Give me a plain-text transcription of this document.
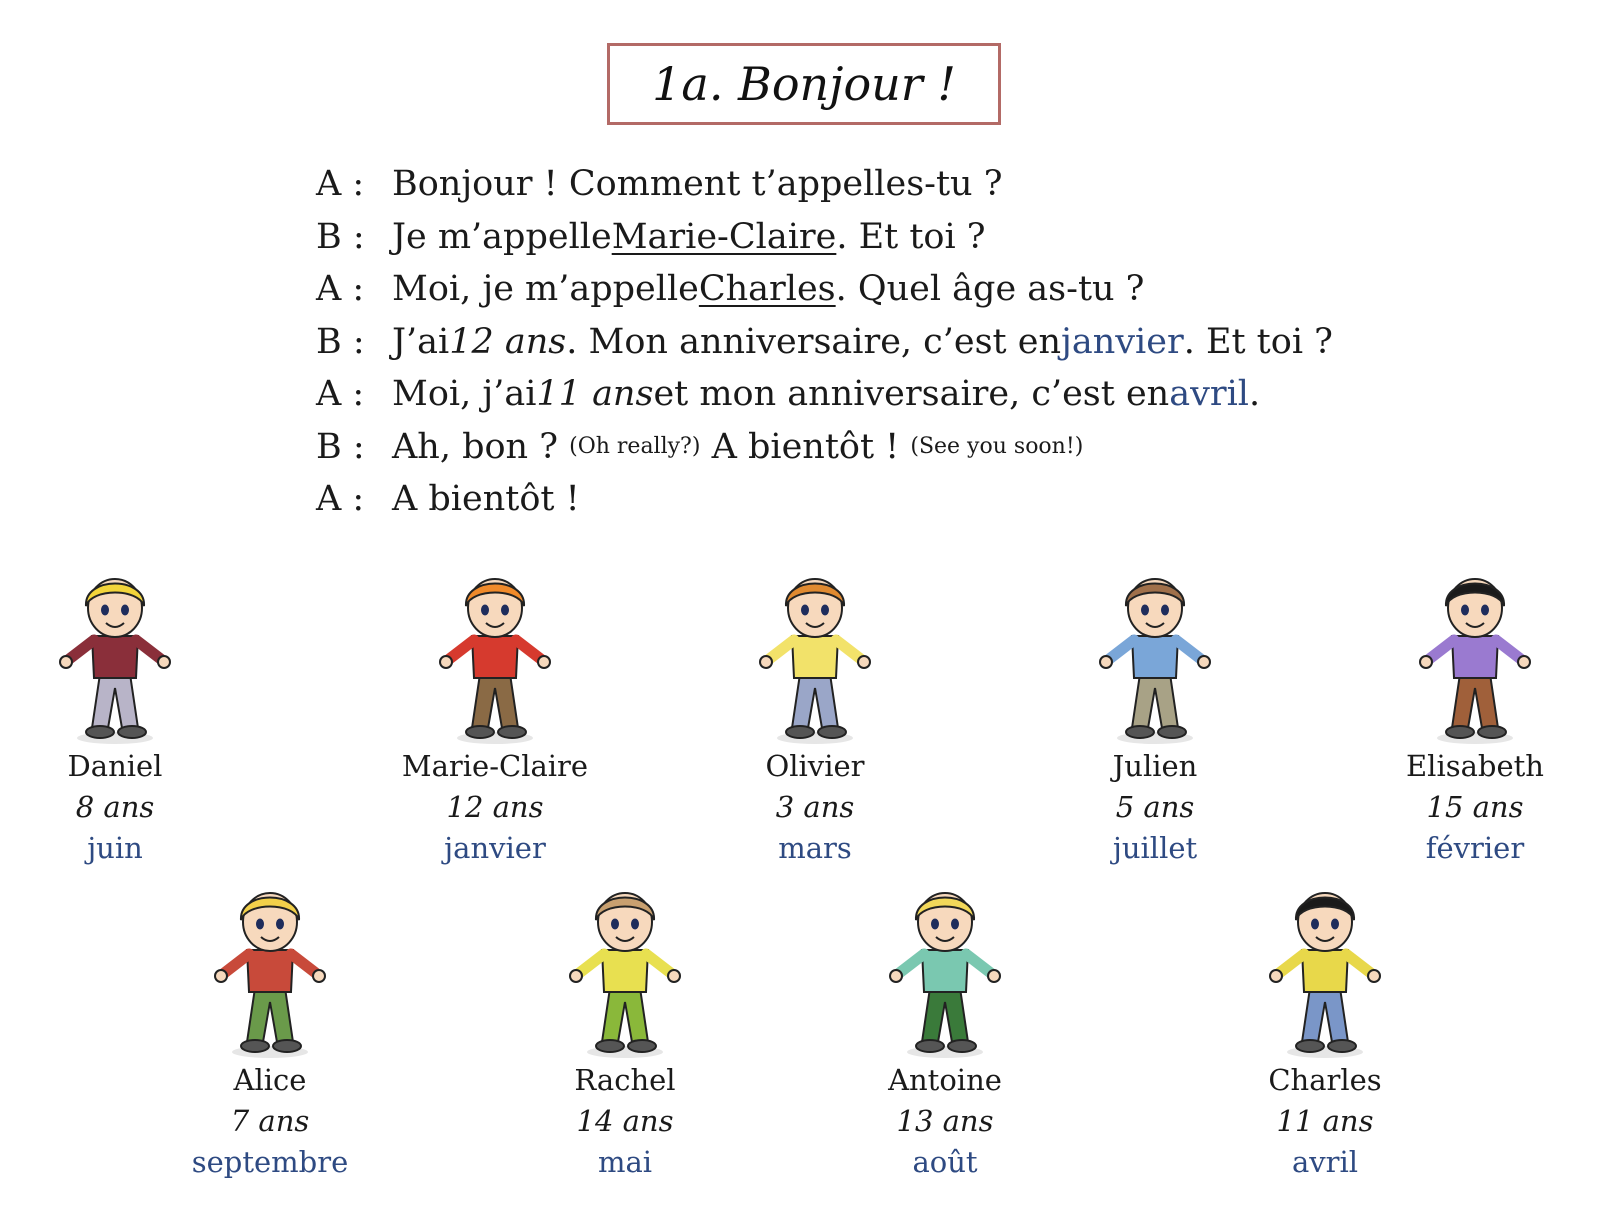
1a. Bonjour !
A : Bonjour ! Comment t’appelles-tu ?
B : Je m’appelle Marie-Claire . Et toi ?
A : Moi, je m’appelle Charles . Quel âge as-tu ?
B : J’ai 12 ans . Mon anniversaire, c’est en janvier . Et toi ?
A : Moi, j’ai 11 ans et mon anniversaire, c’est en avril .
B : Ah, bon ?
(Oh really?)
A bientôt !
(See you soon!)
A : A bientôt !
Daniel
8 ans
juin
Marie-Claire
12 ans
janvier
Olivier
3 ans
mars
Julien
5 ans
juillet
Elisabeth
15 ans
février
Alice
7 ans
septembre
Rachel
14 ans
mai
Antoine
13 ans
août
Charles
11 ans
avril
